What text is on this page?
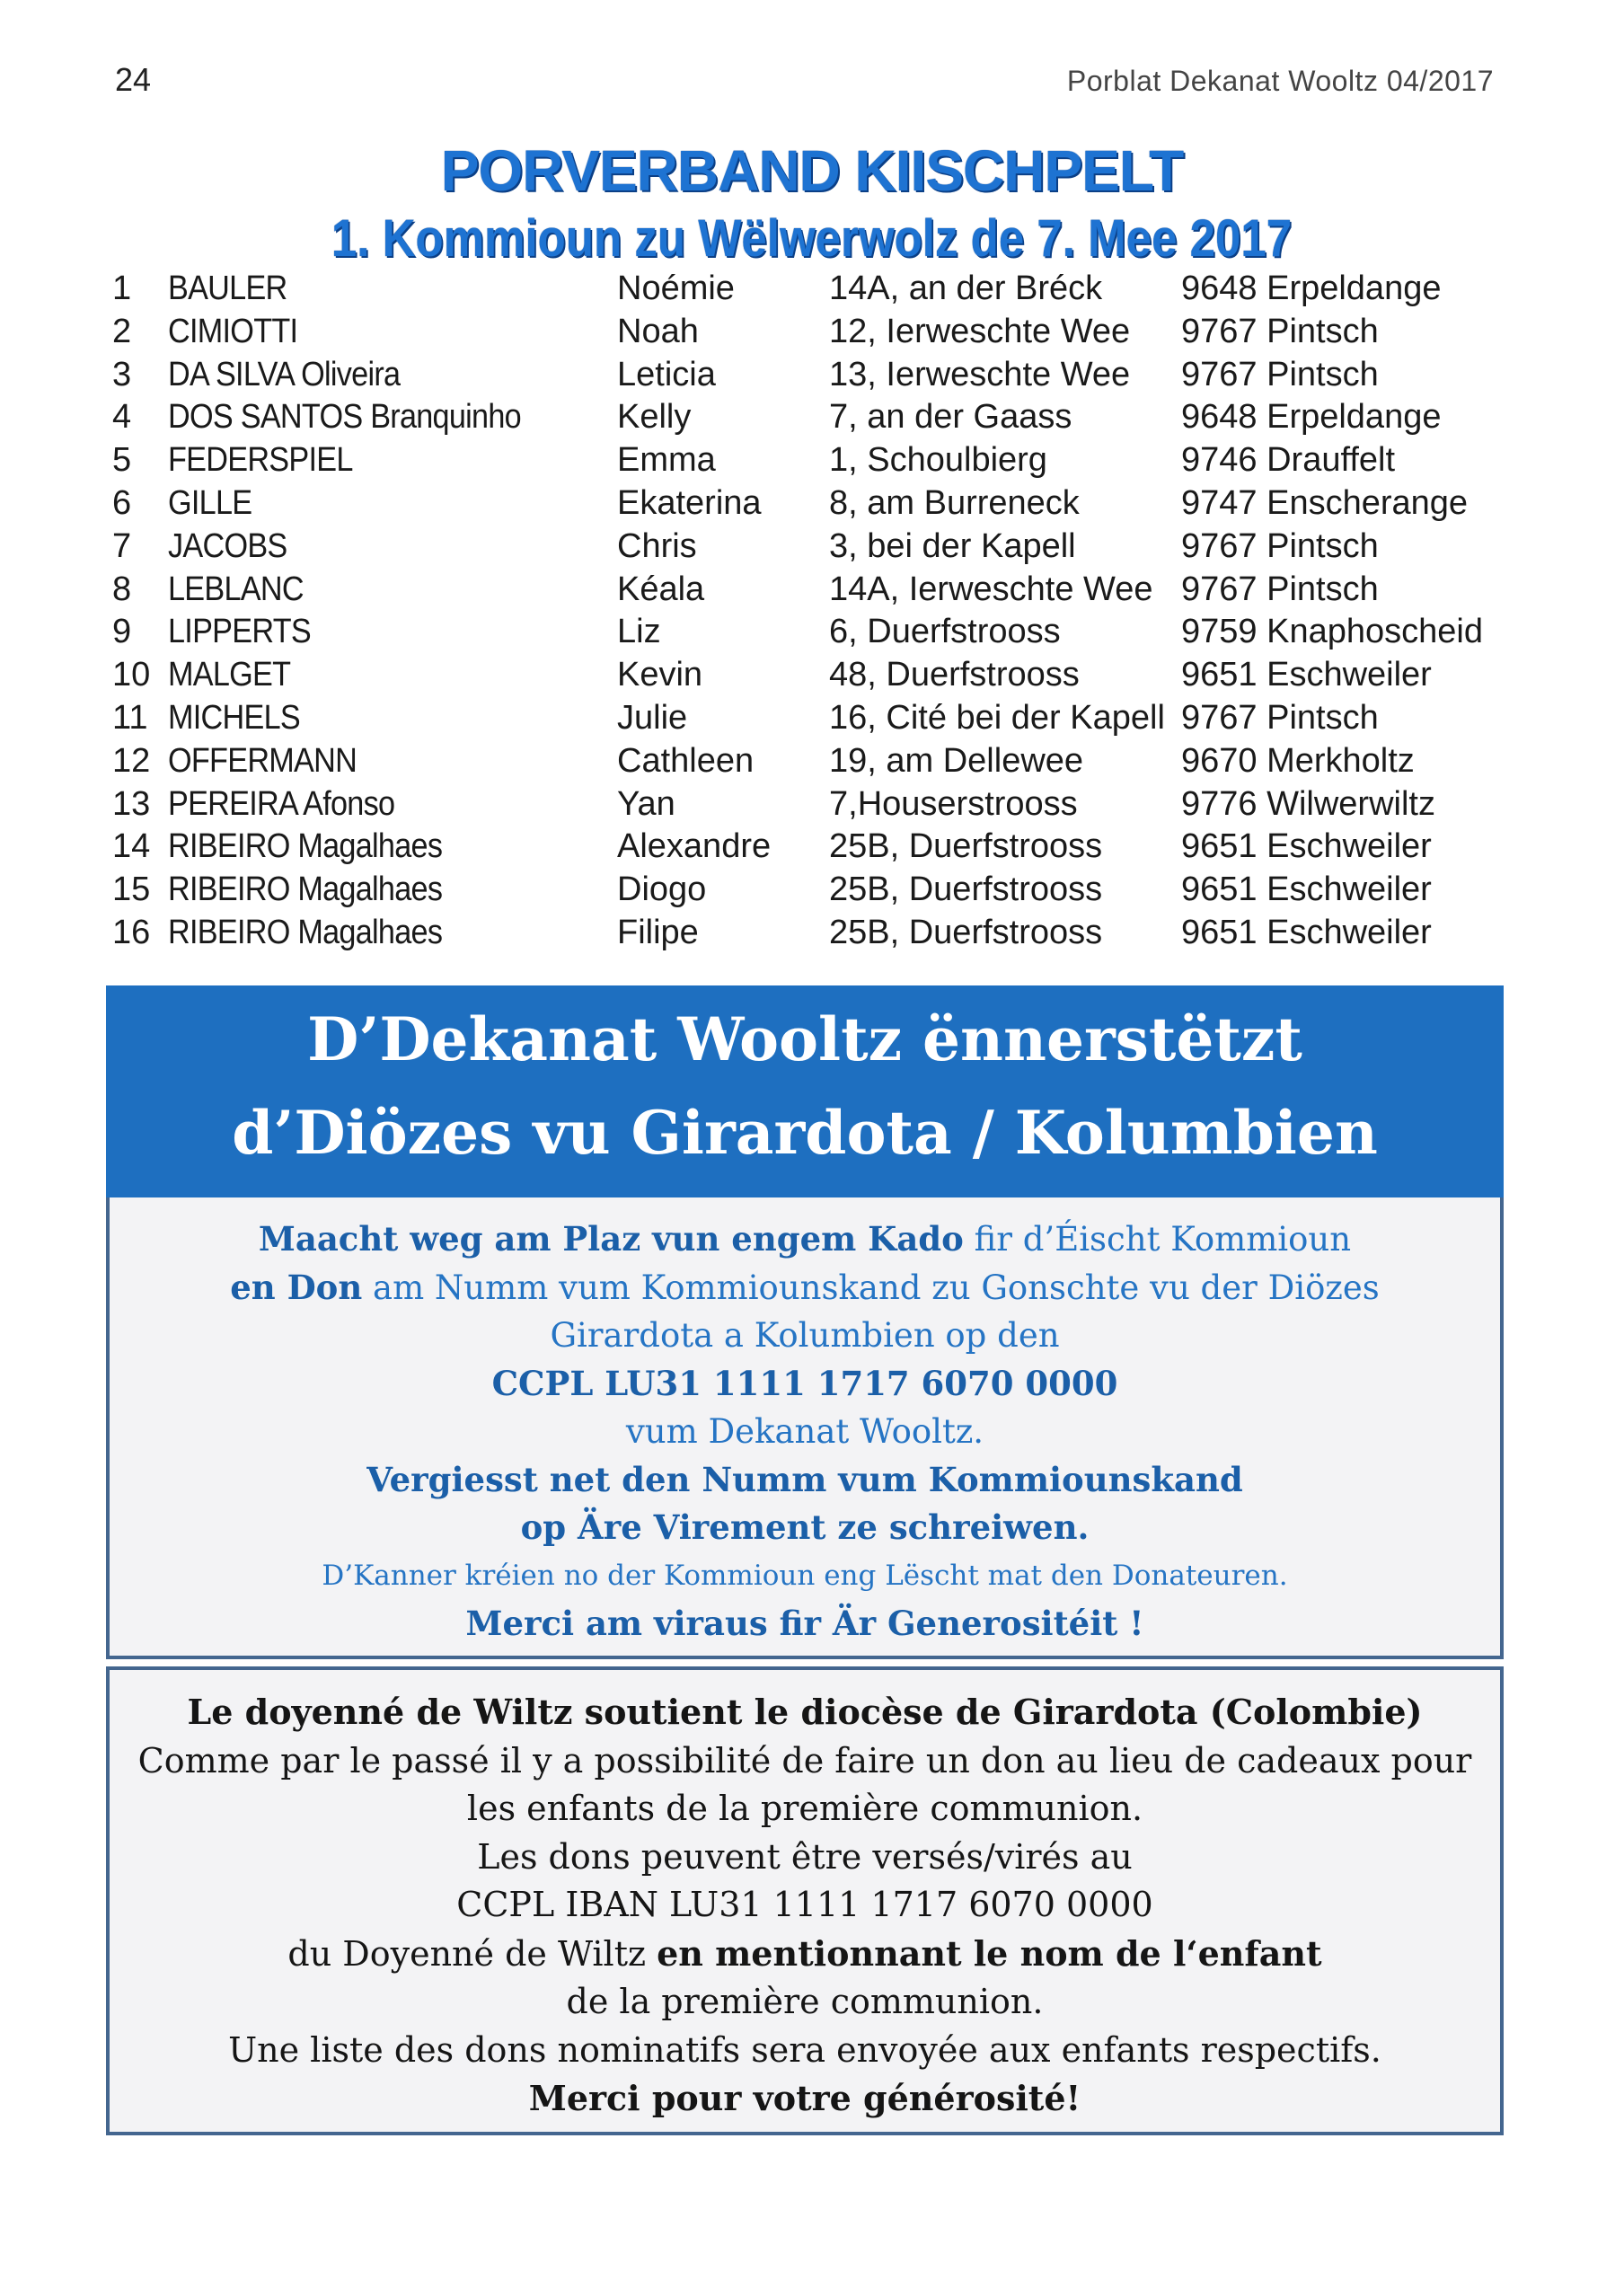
24	Porblat Dekanat Wooltz 04/2017
PORVERBAND KIISCHPELT
1. Kommioun zu Wëlwerwolz de 7. Mee 2017
1	BAULER	Noémie	14A, an der Bréck	9648 Erpeldange
2	CIMIOTTI	Noah	12, Ierweschte Wee	9767 Pintsch
3	DA SILVA Oliveira	Leticia	13, Ierweschte Wee	9767 Pintsch
4	DOS SANTOS Branquinho	Kelly	7, an der Gaass	9648 Erpeldange
5	FEDERSPIEL	Emma	1, Schoulbierg	9746 Drauffelt
6	GILLE	Ekaterina	8, am Burreneck	9747 Enscherange
7	JACOBS	Chris	3, bei der Kapell	9767 Pintsch
8	LEBLANC	Kéala	14A, Ierweschte Wee	9767 Pintsch
9	LIPPERTS	Liz	6, Duerfstrooss	9759 Knaphoscheid
10	MALGET	Kevin	48, Duerfstrooss	9651 Eschweiler
11	MICHELS	Julie	16, Cité bei der Kapell	9767 Pintsch
12	OFFERMANN	Cathleen	19, am Dellewee	9670 Merkholtz
13	PEREIRA Afonso	Yan	7,Houserstrooss	9776 Wilwerwiltz
14	RIBEIRO Magalhaes	Alexandre	25B, Duerfstrooss	9651 Eschweiler
15	RIBEIRO Magalhaes	Diogo	25B, Duerfstrooss	9651 Eschweiler
16	RIBEIRO Magalhaes	Filipe	25B, Duerfstrooss	9651 Eschweiler
D’Dekanat Wooltz ënnerstëtzt
d’Diözes vu Girardota / Kolumbien

Maacht weg am Plaz vun engem Kado fir d’Éischt Kommioun

en Don am Numm vum Kommiounskand zu Gonschte vu der Diözes

Girardota a Kolumbien op den

CCPL LU31 1111 1717 6070 0000

vum Dekanat Wooltz.

Vergiesst net den Numm vum Kommiounskand

op Äre Virement ze schreiwen.

D’Kanner kréien no der Kommioun eng Lëscht mat den Donateuren.

Merci am viraus fir Är Generositéit !

Le doyenné de Wiltz soutient le diocèse de Girardota (Colombie)

Comme par le passé il y a possibilité de faire un don au lieu de cadeaux pour

les enfants de la première communion.

Les dons peuvent être versés/virés au

CCPL IBAN LU31 1111 1717 6070 0000

du Doyenné de Wiltz en mentionnant le nom de l‘enfant

de la première communion.

Une liste des dons nominatifs sera envoyée aux enfants respectifs.

Merci pour votre générosité!
